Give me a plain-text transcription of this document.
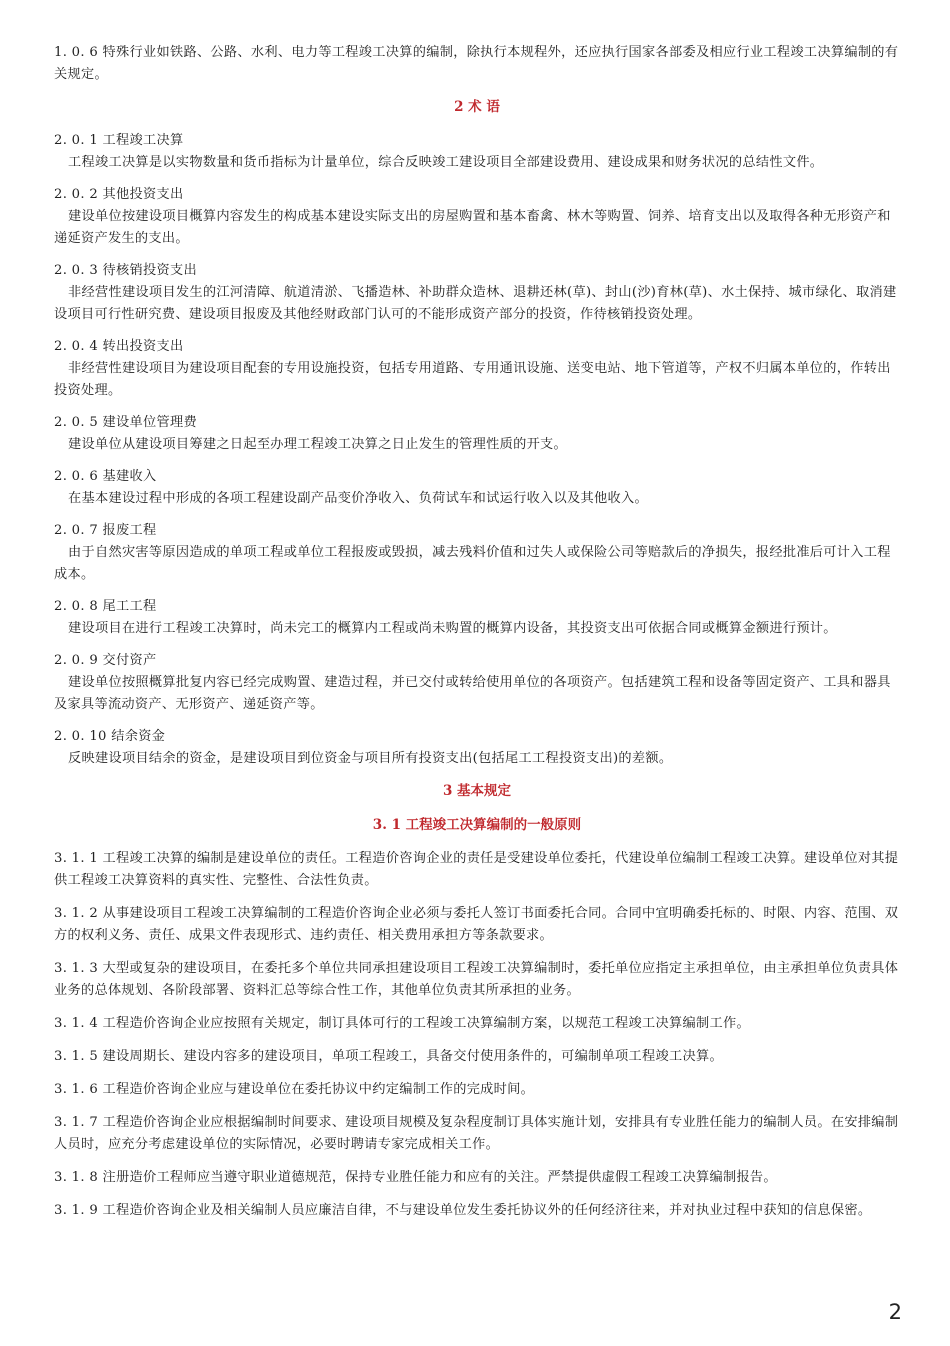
1. 0. 6 特殊行业如铁路、公路、水利、电力等工程竣工决算的编制，除执行本规程外，还应执行国家各部委及相应行业工程竣工决算编制的有关规定。

2 术 语

2. 0. 1 工程竣工决算

工程竣工决算是以实物数量和货币指标为计量单位，综合反映竣工建设项目全部建设费用、建设成果和财务状况的总结性文件。

2. 0. 2 其他投资支出

建设单位按建设项目概算内容发生的构成基本建设实际支出的房屋购置和基本畜禽、林木等购置、饲养、培育支出以及取得各种无形资产和递延资产发生的支出。

2. 0. 3 待核销投资支出

非经营性建设项目发生的江河清障、航道清淤、飞播造林、补助群众造林、退耕还林(草)、封山(沙)育林(草)、水土保持、城市绿化、取消建设项目可行性研究费、建设项目报废及其他经财政部门认可的不能形成资产部分的投资，作待核销投资处理。

2. 0. 4 转出投资支出

非经营性建设项目为建设项目配套的专用设施投资，包括专用道路、专用通讯设施、送变电站、地下管道等，产权不归属本单位的，作转出投资处理。

2. 0. 5 建设单位管理费

建设单位从建设项目筹建之日起至办理工程竣工决算之日止发生的管理性质的开支。

2. 0. 6 基建收入

在基本建设过程中形成的各项工程建设副产品变价净收入、负荷试车和试运行收入以及其他收入。

2. 0. 7 报废工程

由于自然灾害等原因造成的单项工程或单位工程报废或毁损，减去残料价值和过失人或保险公司等赔款后的净损失，报经批准后可计入工程成本。

2. 0. 8 尾工工程

建设项目在进行工程竣工决算时，尚未完工的概算内工程或尚未购置的概算内设备，其投资支出可依据合同或概算金额进行预计。

2. 0. 9 交付资产

建设单位按照概算批复内容已经完成购置、建造过程，并已交付或转给使用单位的各项资产。包括建筑工程和设备等固定资产、工具和器具及家具等流动资产、无形资产、递延资产等。

2. 0. 10 结余资金

反映建设项目结余的资金，是建设项目到位资金与项目所有投资支出(包括尾工工程投资支出)的差额。

3 基本规定
3. 1 工程竣工决算编制的一般原则

3. 1. 1 工程竣工决算的编制是建设单位的责任。工程造价咨询企业的责任是受建设单位委托，代建设单位编制工程竣工决算。建设单位对其提供工程竣工决算资料的真实性、完整性、合法性负责。

3. 1. 2 从事建设项目工程竣工决算编制的工程造价咨询企业必须与委托人签订书面委托合同。合同中宜明确委托标的、时限、内容、范围、双方的权利义务、责任、成果文件表现形式、违约责任、相关费用承担方等条款要求。

3. 1. 3 大型或复杂的建设项目，在委托多个单位共同承担建设项目工程竣工决算编制时，委托单位应指定主承担单位，由主承担单位负责具体业务的总体规划、各阶段部署、资料汇总等综合性工作，其他单位负责其所承担的业务。

3. 1. 4 工程造价咨询企业应按照有关规定，制订具体可行的工程竣工决算编制方案，以规范工程竣工决算编制工作。

3. 1. 5 建设周期长、建设内容多的建设项目，单项工程竣工，具备交付使用条件的，可编制单项工程竣工决算。

3. 1. 6 工程造价咨询企业应与建设单位在委托协议中约定编制工作的完成时间。

3. 1. 7 工程造价咨询企业应根据编制时间要求、建设项目规模及复杂程度制订具体实施计划，安排具有专业胜任能力的编制人员。在安排编制人员时，应充分考虑建设单位的实际情况，必要时聘请专家完成相关工作。

3. 1. 8 注册造价工程师应当遵守职业道德规范，保持专业胜任能力和应有的关注。严禁提供虚假工程竣工决算编制报告。

3. 1. 9 工程造价咨询企业及相关编制人员应廉洁自律，不与建设单位发生委托协议外的任何经济往来，并对执业过程中获知的信息保密。

2
